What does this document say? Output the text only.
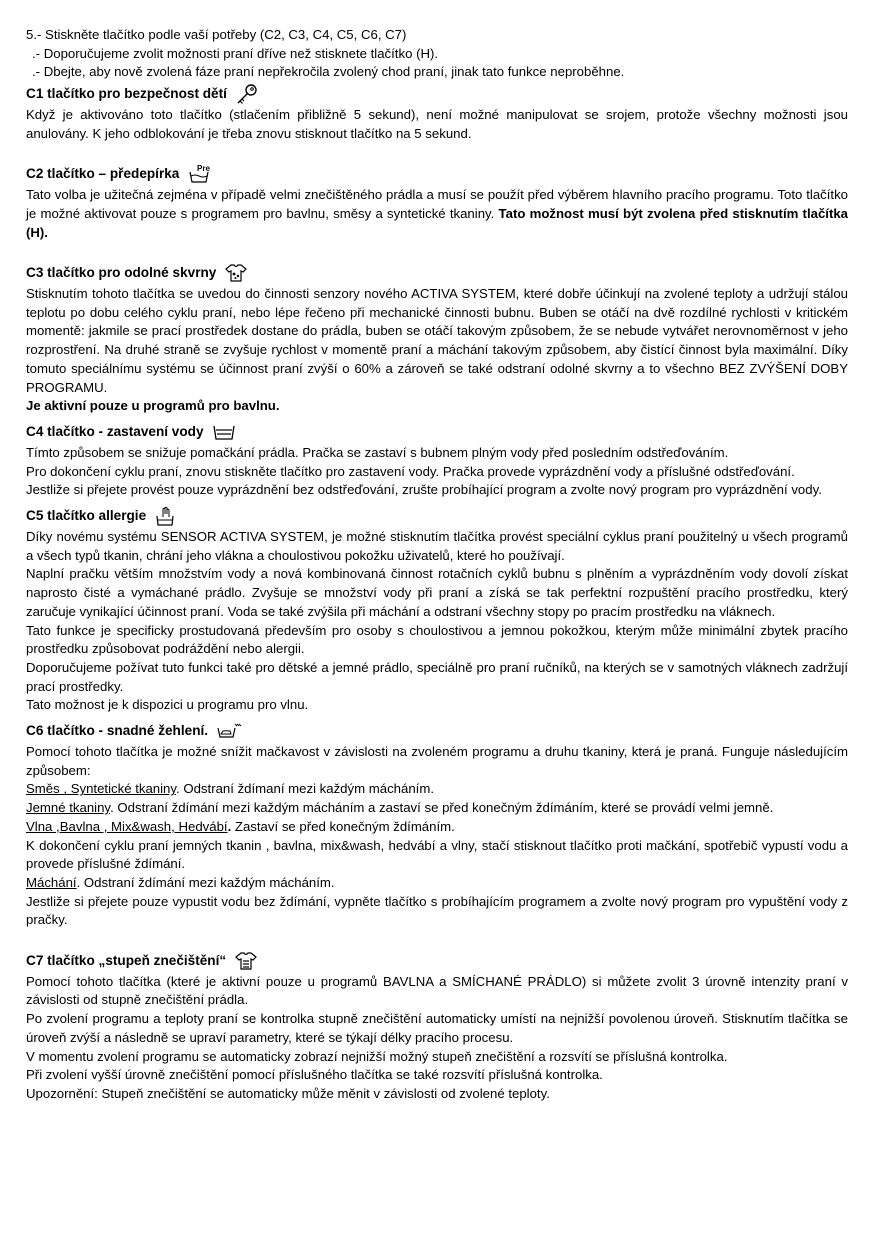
5.- Stiskněte tlačítko podle vaší potřeby (C2, C3, C4, C5, C6, C7)

.- Doporučujeme zvolit možnosti praní dříve než stisknete tlačítko (H).

.- Dbejte, aby nově zvolená fáze praní nepřekročila zvolený chod praní, jinak tato funkce neproběhne.

C1 tlačítko pro bezpečnost dětí

Když je aktivováno toto tlačítko (stlačením přibližně 5 sekund), není možné manipulovat se srojem, protože všechny možnosti jsou anulovány. K jeho odblokování je třeba znovu stisknout tlačítko na 5 sekund.

C2 tlačítko – předepírka Pre

Tato volba je užitečná zejména v případě velmi znečištěného prádla a musí se použít před výběrem hlavního pracího programu. Toto tlačítko je možné aktivovat pouze s programem pro bavlnu, směsy a syntetické tkaniny. Tato možnost musí být zvolena před stisknutím tlačítka (H).

C3 tlačítko pro odolné skvrny

Stisknutím tohoto tlačítka se uvedou do činnosti senzory nového ACTIVA SYSTEM, které dobře účinkují na zvolené teploty a udržují stálou teplotu po dobu celého cyklu praní, nebo lépe řečeno při mechanické činnosti bubnu. Buben se otáčí na dvě rozdílné rychlosti v kritickém momentě: jakmile se prací prostředek dostane do prádla, buben se otáčí takovým způsobem, že se nebude vytvářet nerovnoměrnost v jeho rozprostření. Na druhé straně se zvyšuje rychlost v momentě praní a máchání takovým způsobem, aby čistící činnost byla maximální. Díky tomuto speciálnímu systému se účinnost praní zvýší o 60% a zároveň se také odstraní odolné skvrny a to všechno BEZ ZVÝŠENÍ DOBY PROGRAMU.

Je aktivní pouze u programů pro bavlnu.

C4 tlačítko - zastavení vody

Tímto způsobem se snižuje pomačkání prádla. Pračka se zastaví s bubnem plným vody před posledním odstřeďováním.

Pro dokončení cyklu praní, znovu stiskněte tlačítko pro zastavení vody. Pračka provede vyprázdnění vody a příslušné odstřeďování.

Jestliže si přejete provést pouze vyprázdnění bez odstřeďování, zrušte probíhající program a zvolte nový program pro vyprázdnění vody.

C5 tlačítko allergie

Díky novému systému SENSOR ACTIVA SYSTEM, je možné stisknutím tlačítka provést speciální cyklus praní použitelný u všech programů a všech typů tkanin, chrání jeho vlákna a choulostivou pokožku uživatelů, které ho používají.

Naplní pračku větším množstvím vody a nová kombinovaná činnost rotačních cyklů bubnu s plněním a vyprázdněním vody dovolí získat naprosto čisté a vymáchané prádlo. Zvyšuje se množství vody při praní a získá se tak perfektní rozpuštění pracího prostředku, který zaručuje vynikající účinnost praní. Voda se také zvýšila při máchání a odstraní všechny stopy po pracím prostředku na vláknech.

Tato funkce je specificky prostudovaná především pro osoby s choulostivou a jemnou pokožkou, kterým může minimální zbytek pracího prostředku způsobovat podráždění nebo alergii.

Doporučujeme požívat tuto funkci také pro dětské a jemné prádlo, speciálně pro praní ručníků, na kterých se v samotných vláknech zadržují prací prostředky.

Tato možnost je k dispozici u programu pro vlnu.

C6 tlačítko - snadné žehlení.

Pomocí tohoto tlačítka je možné snížit mačkavost v závislosti na zvoleném programu a druhu tkaniny, která je praná. Funguje následujícím způsobem:

Směs , Syntetické tkaniny. Odstraní ždímaní mezi každým mácháním.

Jemné tkaniny. Odstraní ždímání mezi každým mácháním a zastaví se před konečným ždímáním, které se provádí velmi jemně.

Vlna ,Bavlna , Mix&wash, Hedvábí. Zastaví se před konečným ždímáním.

K dokončení cyklu praní jemných tkanin , bavlna, mix&wash, hedvábí a vlny, stačí stisknout tlačítko proti mačkání, spotřebič vypustí vodu a provede příslušné ždímání.

Máchání. Odstraní ždímání mezi každým mácháním.

Jestliže si přejete pouze vypustit vodu bez ždímání, vypněte tlačítko s probíhajícím programem a zvolte nový program pro vypuštění vody z pračky.

C7 tlačítko „stupeň znečištění“

Pomocí tohoto tlačítka (které je aktivní pouze u programů BAVLNA a SMÍCHANÉ PRÁDLO) si můžete zvolit 3 úrovně intenzity praní v závislosti od stupně znečištění prádla.

Po zvolení programu a teploty praní se kontrolka stupně znečištění automaticky umístí na nejnižší povolenou úroveň. Stisknutím tlačítka se úroveň zvýší a následně se upraví parametry, které se týkají délky pracího procesu.

V momentu zvolení programu se automaticky zobrazí nejnižší možný stupeň znečištění a rozsvítí se příslušná kontrolka.

Při zvolení vyšší úrovně znečištění pomocí příslušného tlačítka se také rozsvítí příslušná kontrolka.

Upozornění: Stupeň znečištění se automaticky může měnit v závislosti od zvolené teploty.
